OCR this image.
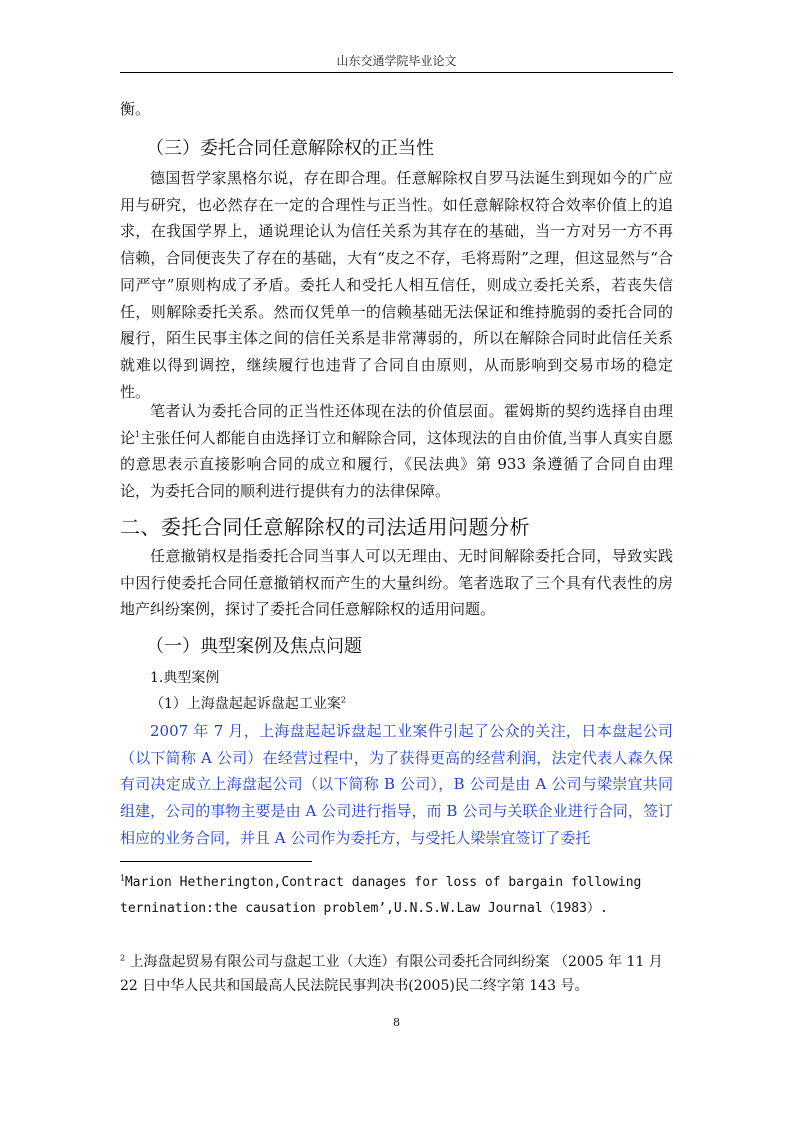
山东交通学院毕业论文

衡。

（三）委托合同任意解除权的正当性

德国哲学家黑格尔说，存在即合理。任意解除权自罗马法诞生到现如今的广应用与研究，也必然存在一定的合理性与正当性。如任意解除权符合效率价值上的追求，在我国学界上，通说理论认为信任关系为其存在的基础，当一方对另一方不再信赖，合同便丧失了存在的基础，大有“皮之不存，毛将焉附”之理，但这显然与“合同严守”原则构成了矛盾。委托人和受托人相互信任，则成立委托关系，若丧失信任，则解除委托关系。然而仅凭单一的信赖基础无法保证和维持脆弱的委托合同的履行，陌生民事主体之间的信任关系是非常薄弱的，所以在解除合同时此信任关系就难以得到调控，继续履行也违背了合同自由原则，从而影响到交易市场的稳定性。

笔者认为委托合同的正当性还体现在法的价值层面。霍姆斯的契约选择自由理论$^1$主张任何人都能自由选择订立和解除合同，这体现法的自由价值,当事人真实自愿的意思表示直接影响合同的成立和履行，《民法典》第 933 条遵循了合同自由理论，为委托合同的顺利进行提供有力的法律保障。

二、委托合同任意解除权的司法适用问题分析

任意撤销权是指委托合同当事人可以无理由、无时间解除委托合同，导致实践中因行使委托合同任意撤销权而产生的大量纠纷。笔者选取了三个具有代表性的房地产纠纷案例，探讨了委托合同任意解除权的适用问题。

（一）典型案例及焦点问题

1.典型案例

（1）上海盘起起诉盘起工业案$^2$

2007 年 7 月，上海盘起起诉盘起工业案件引起了公众的关注，日本盘起公司（以下简称 A 公司）在经营过程中，为了获得更高的经营利润，法定代表人森久保有司决定成立上海盘起公司（以下简称 B 公司），B 公司是由 A 公司与梁崇宜共同组建，公司的事物主要是由 A 公司进行指导，而 B 公司与关联企业进行合同，签订相应的业务合同，并且 A 公司作为委托方，与受托人梁崇宜签订了委托

$^1$Marion Hetherington,Contract danages for loss of bargain following ternination:the causation problem’,U.N.S.W.Law Journal（1983）.

$^2$ 上海盘起贸易有限公司与盘起工业（大连）有限公司委托合同纠纷案 （2005 年 11 月 22 日中华人民共和国最高人民法院民事判决书(2005)民二终字第 143 号。

8
